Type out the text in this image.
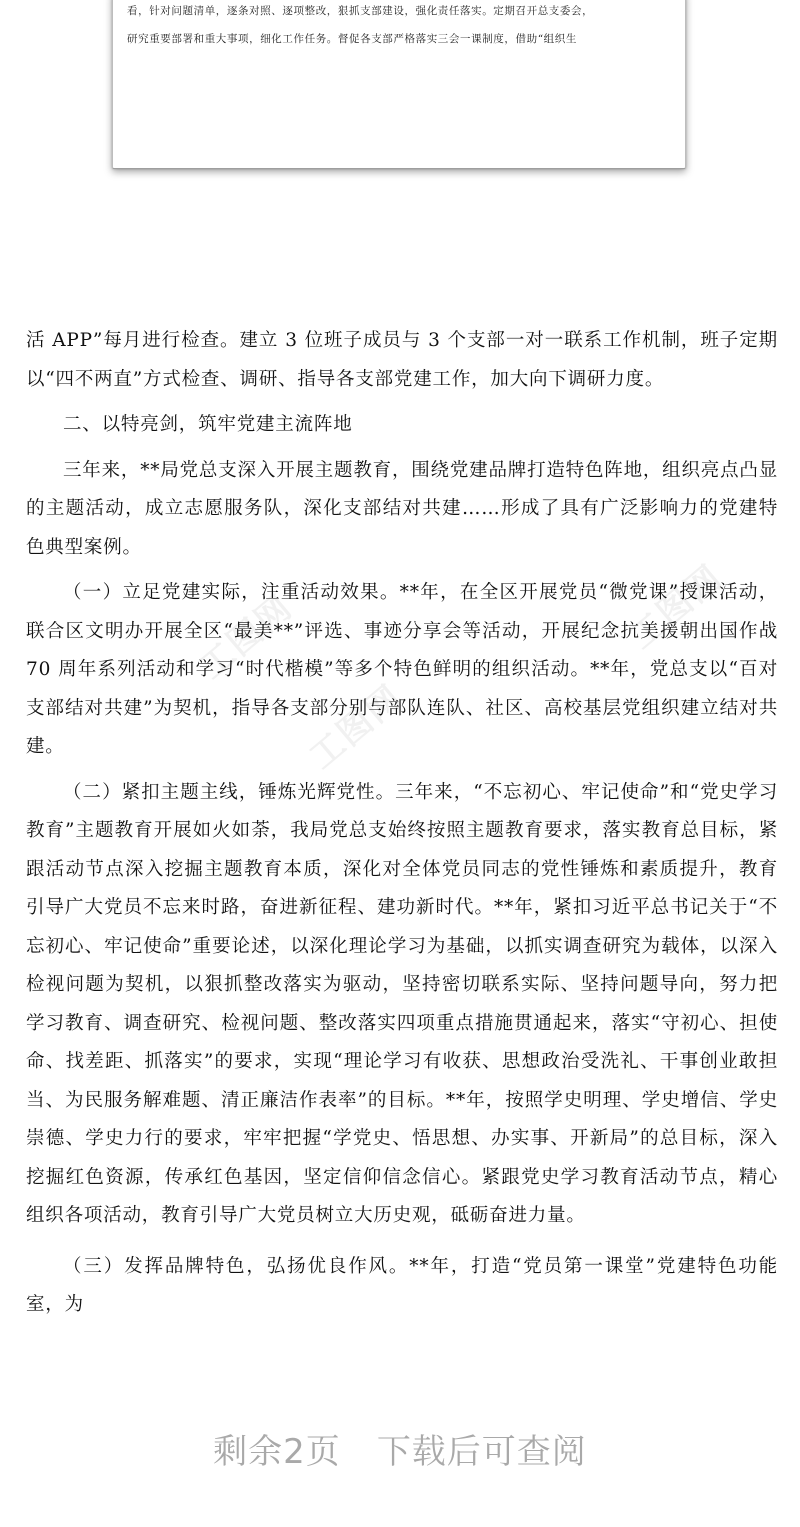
看，针对问题清单，逐条对照、逐项整改，狠抓支部建设，强化责任落实。定期召开总支委会，
研究重要部署和重大事项，细化工作任务。督促各支部严格落实三会一课制度，借助“组织生
工图网
工图网
工图网

活 APP”每月进行检查。建立 3 位班子成员与 3 个支部一对一联系工作机制，班子定期以“四不两直”方式检查、调研、指导各支部党建工作，加大向下调研力度。

二、以特亮剑，筑牢党建主流阵地

三年来，**局党总支深入开展主题教育，围绕党建品牌打造特色阵地，组织亮点凸显的主题活动，成立志愿服务队，深化支部结对共建……形成了具有广泛影响力的党建特色典型案例。

（一）立足党建实际，注重活动效果。**年，在全区开展党员“微党课”授课活动，联合区文明办开展全区“最美**”评选、事迹分享会等活动，开展纪念抗美援朝出国作战 70 周年系列活动和学习“时代楷模”等多个特色鲜明的组织活动。**年，党总支以“百对支部结对共建”为契机，指导各支部分别与部队连队、社区、高校基层党组织建立结对共建。

（二）紧扣主题主线，锤炼光辉党性。三年来，“不忘初心、牢记使命”和“党史学习教育”主题教育开展如火如荼，我局党总支始终按照主题教育要求，落实教育总目标，紧跟活动节点深入挖掘主题教育本质，深化对全体党员同志的党性锤炼和素质提升，教育引导广大党员不忘来时路，奋进新征程、建功新时代。**年，紧扣习近平总书记关于“不忘初心、牢记使命”重要论述，以深化理论学习为基础，以抓实调查研究为载体，以深入检视问题为契机，以狠抓整改落实为驱动，坚持密切联系实际、坚持问题导向，努力把学习教育、调查研究、检视问题、整改落实四项重点措施贯通起来，落实“守初心、担使命、找差距、抓落实”的要求，实现“理论学习有收获、思想政治受洗礼、干事创业敢担当、为民服务解难题、清正廉洁作表率”的目标。**年，按照学史明理、学史增信、学史崇德、学史力行的要求，牢牢把握“学党史、悟思想、办实事、开新局”的总目标，深入挖掘红色资源，传承红色基因，坚定信仰信念信心。紧跟党史学习教育活动节点，精心组织各项活动，教育引导广大党员树立大历史观，砥砺奋进力量。

（三）发挥品牌特色，弘扬优良作风。**年，打造“党员第一课堂”党建特色功能室，为

剩余2页 下载后可查阅
